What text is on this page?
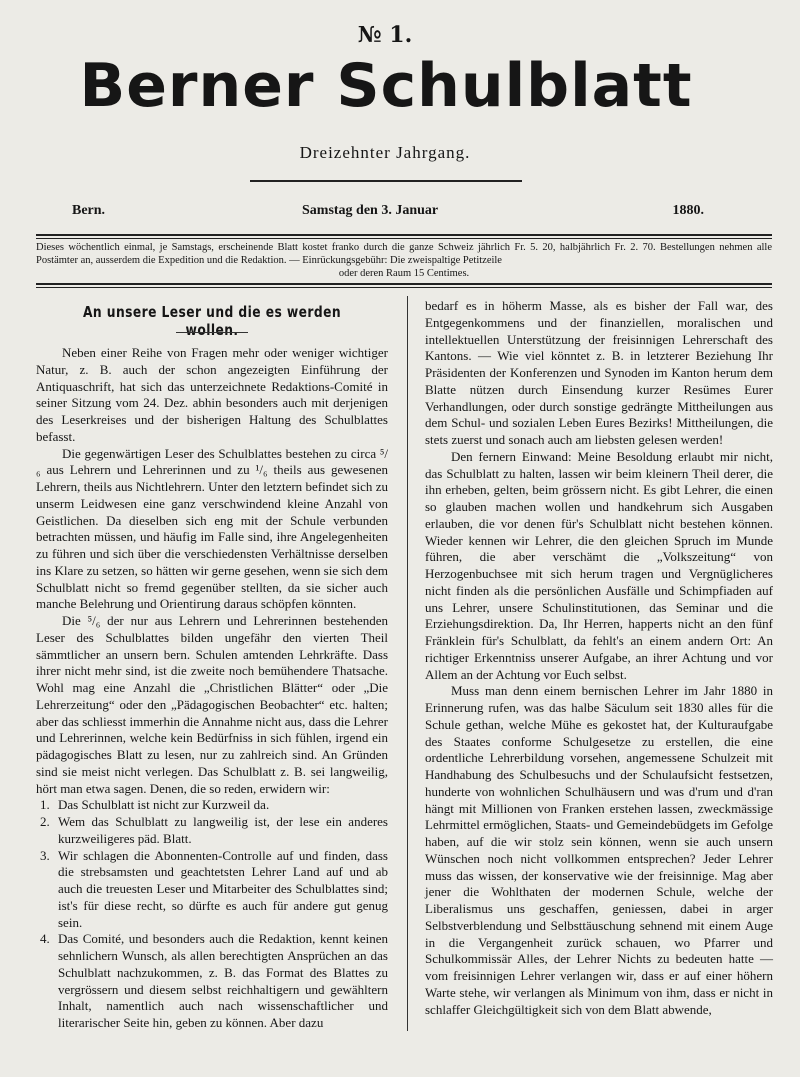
№ 1.
Berner Schulblatt
Dreizehnter Jahrgang.
Bern.	Samstag den 3. Januar	1880.
Dieses wöchentlich einmal, je Samstags, erscheinende Blatt kostet franko durch die ganze Schweiz jährlich Fr. 5. 20, halbjährlich Fr. 2. 70. Bestellungen nehmen alle Postämter an, ausserdem die Expedition und die Redaktion. — Einrückungsgebühr: Die zweispaltige Petitzeile
oder deren Raum 15 Centimes.
An unsere Leser und die es werden wollen.

Neben einer Reihe von Fragen mehr oder weniger wichtiger Natur, z. B. auch der schon angezeigten Einführung der Antiquaschrift, hat sich das unterzeichnete Redaktions-Comité in seiner Sitzung vom 24. Dez. abhin besonders auch mit derjenigen des Leserkreises und der bisherigen Haltung des Schulblattes befasst.

Die gegenwärtigen Leser des Schulblattes bestehen zu circa ⁵/₆ aus Lehrern und Lehrerinnen und zu ¹/₆ theils aus gewesenen Lehrern, theils aus Nichtlehrern. Unter den letztern befindet sich zu unserm Leidwesen eine ganz verschwindend kleine Anzahl von Geistlichen. Da dieselben sich eng mit der Schule verbunden betrachten müssen, und häufig im Falle sind, ihre Angelegenheiten zu führen und sich über die verschiedensten Verhältnisse derselben ins Klare zu setzen, so hätten wir gerne gesehen, wenn sie sich dem Schulblatt nicht so fremd gegenüber stellten, da sie sicher auch manche Belehrung und Orientirung daraus schöpfen könnten.

Die ⁵/₆ der nur aus Lehrern und Lehrerinnen bestehenden Leser des Schulblattes bilden ungefähr den vierten Theil sämmtlicher an unsern bern. Schulen amtenden Lehrkräfte. Dass ihrer nicht mehr sind, ist die zweite noch bemühendere Thatsache. Wohl mag eine Anzahl die „Christlichen Blätter“ oder „Die Lehrerzeitung“ oder den „Pädagogischen Beobachter“ etc. halten; aber das schliesst immerhin die Annahme nicht aus, dass die Lehrer und Lehrerinnen, welche kein Bedürfniss in sich fühlen, irgend ein pädagogisches Blatt zu lesen, nur zu zahlreich sind. An Gründen sind sie meist nicht verlegen. Das Schulblatt z. B. sei langweilig, hört man etwa sagen. Denen, die so reden, erwidern wir:

1. Das Schulblatt ist nicht zur Kurzweil da.
2. Wem das Schulblatt zu langweilig ist, der lese ein anderes kurzweiligeres päd. Blatt.
3. Wir schlagen die Abonnenten-Controlle auf und finden, dass die strebsamsten und geachtetsten Lehrer Land auf und ab auch die treuesten Leser und Mitarbeiter des Schulblattes sind; ist's für diese recht, so dürfte es auch für andere gut genug sein.
4. Das Comité, und besonders auch die Redaktion, kennt keinen sehnlichern Wunsch, als allen berechtigten Ansprüchen an das Schulblatt nachzukommen, z. B. das Format des Blattes zu vergrössern und diesem selbst reichhaltigern und gewähltern Inhalt, namentlich auch nach wissenschaftlicher und literarischer Seite hin, geben zu können. Aber dazu

bedarf es in höherm Masse, als es bisher der Fall war, des Entgegenkommens und der finanziellen, moralischen und intellektuellen Unterstützung der freisinnigen Lehrerschaft des Kantons. — Wie viel könntet z. B. in letzterer Beziehung Ihr Präsidenten der Konferenzen und Synoden im Kanton herum dem Blatte nützen durch Einsendung kurzer Resümes Eurer Verhandlungen, oder durch sonstige gedrängte Mittheilungen aus dem Schul- und sozialen Leben Eures Bezirks! Mittheilungen, die stets zuerst und sonach auch am liebsten gelesen werden!

Den fernern Einwand: Meine Besoldung erlaubt mir nicht, das Schulblatt zu halten, lassen wir beim kleinern Theil derer, die ihn erheben, gelten, beim grössern nicht. Es gibt Lehrer, die einen so glauben machen wollen und handkehrum sich Ausgaben erlauben, die vor denen für's Schulblatt nicht bestehen können. Wieder kennen wir Lehrer, die den gleichen Spruch im Munde führen, die aber verschämt die „Volkszeitung“ von Herzogenbuchsee mit sich herum tragen und Vergnüglicheres nicht finden als die persönlichen Ausfälle und Schimpfiaden auf uns Lehrer, unsere Schulinstitutionen, das Seminar und die Erziehungsdirektion. Da, Ihr Herren, happerts nicht an den fünf Fränklein für's Schulblatt, da fehlt's an einem andern Ort: An richtiger Erkenntniss unserer Aufgabe, an ihrer Achtung und vor Allem an der Achtung vor Euch selbst.

Muss man denn einem bernischen Lehrer im Jahr 1880 in Erinnerung rufen, was das halbe Säculum seit 1830 alles für die Schule gethan, welche Mühe es gekostet hat, der Kulturaufgabe des Staates conforme Schulgesetze zu erstellen, die eine ordentliche Lehrerbildung vorsehen, angemessene Schulzeit mit Handhabung des Schulbesuchs und der Schulaufsicht festsetzen, hunderte von wohnlichen Schulhäusern und was d'rum und d'ran hängt mit Millionen von Franken erstehen lassen, zweckmässige Lehrmittel ermöglichen, Staats- und Gemeindebüdgets im Gefolge haben, auf die wir stolz sein können, wenn sie auch unsern Wünschen noch nicht vollkommen entsprechen? Jeder Lehrer muss das wissen, der konservative wie der freisinnige. Mag aber jener die Wohlthaten der modernen Schule, welche der Liberalismus uns geschaffen, geniessen, dabei in arger Selbstverblendung und Selbsttäuschung sehnend mit einem Auge in die Vergangenheit zurück schauen, wo Pfarrer und Schulkommissär Alles, der Lehrer Nichts zu bedeuten hatte — vom freisinnigen Lehrer verlangen wir, dass er auf einer höhern Warte stehe, wir verlangen als Minimum von ihm, dass er nicht in schlaffer Gleichgültigkeit sich von dem Blatt abwende,
